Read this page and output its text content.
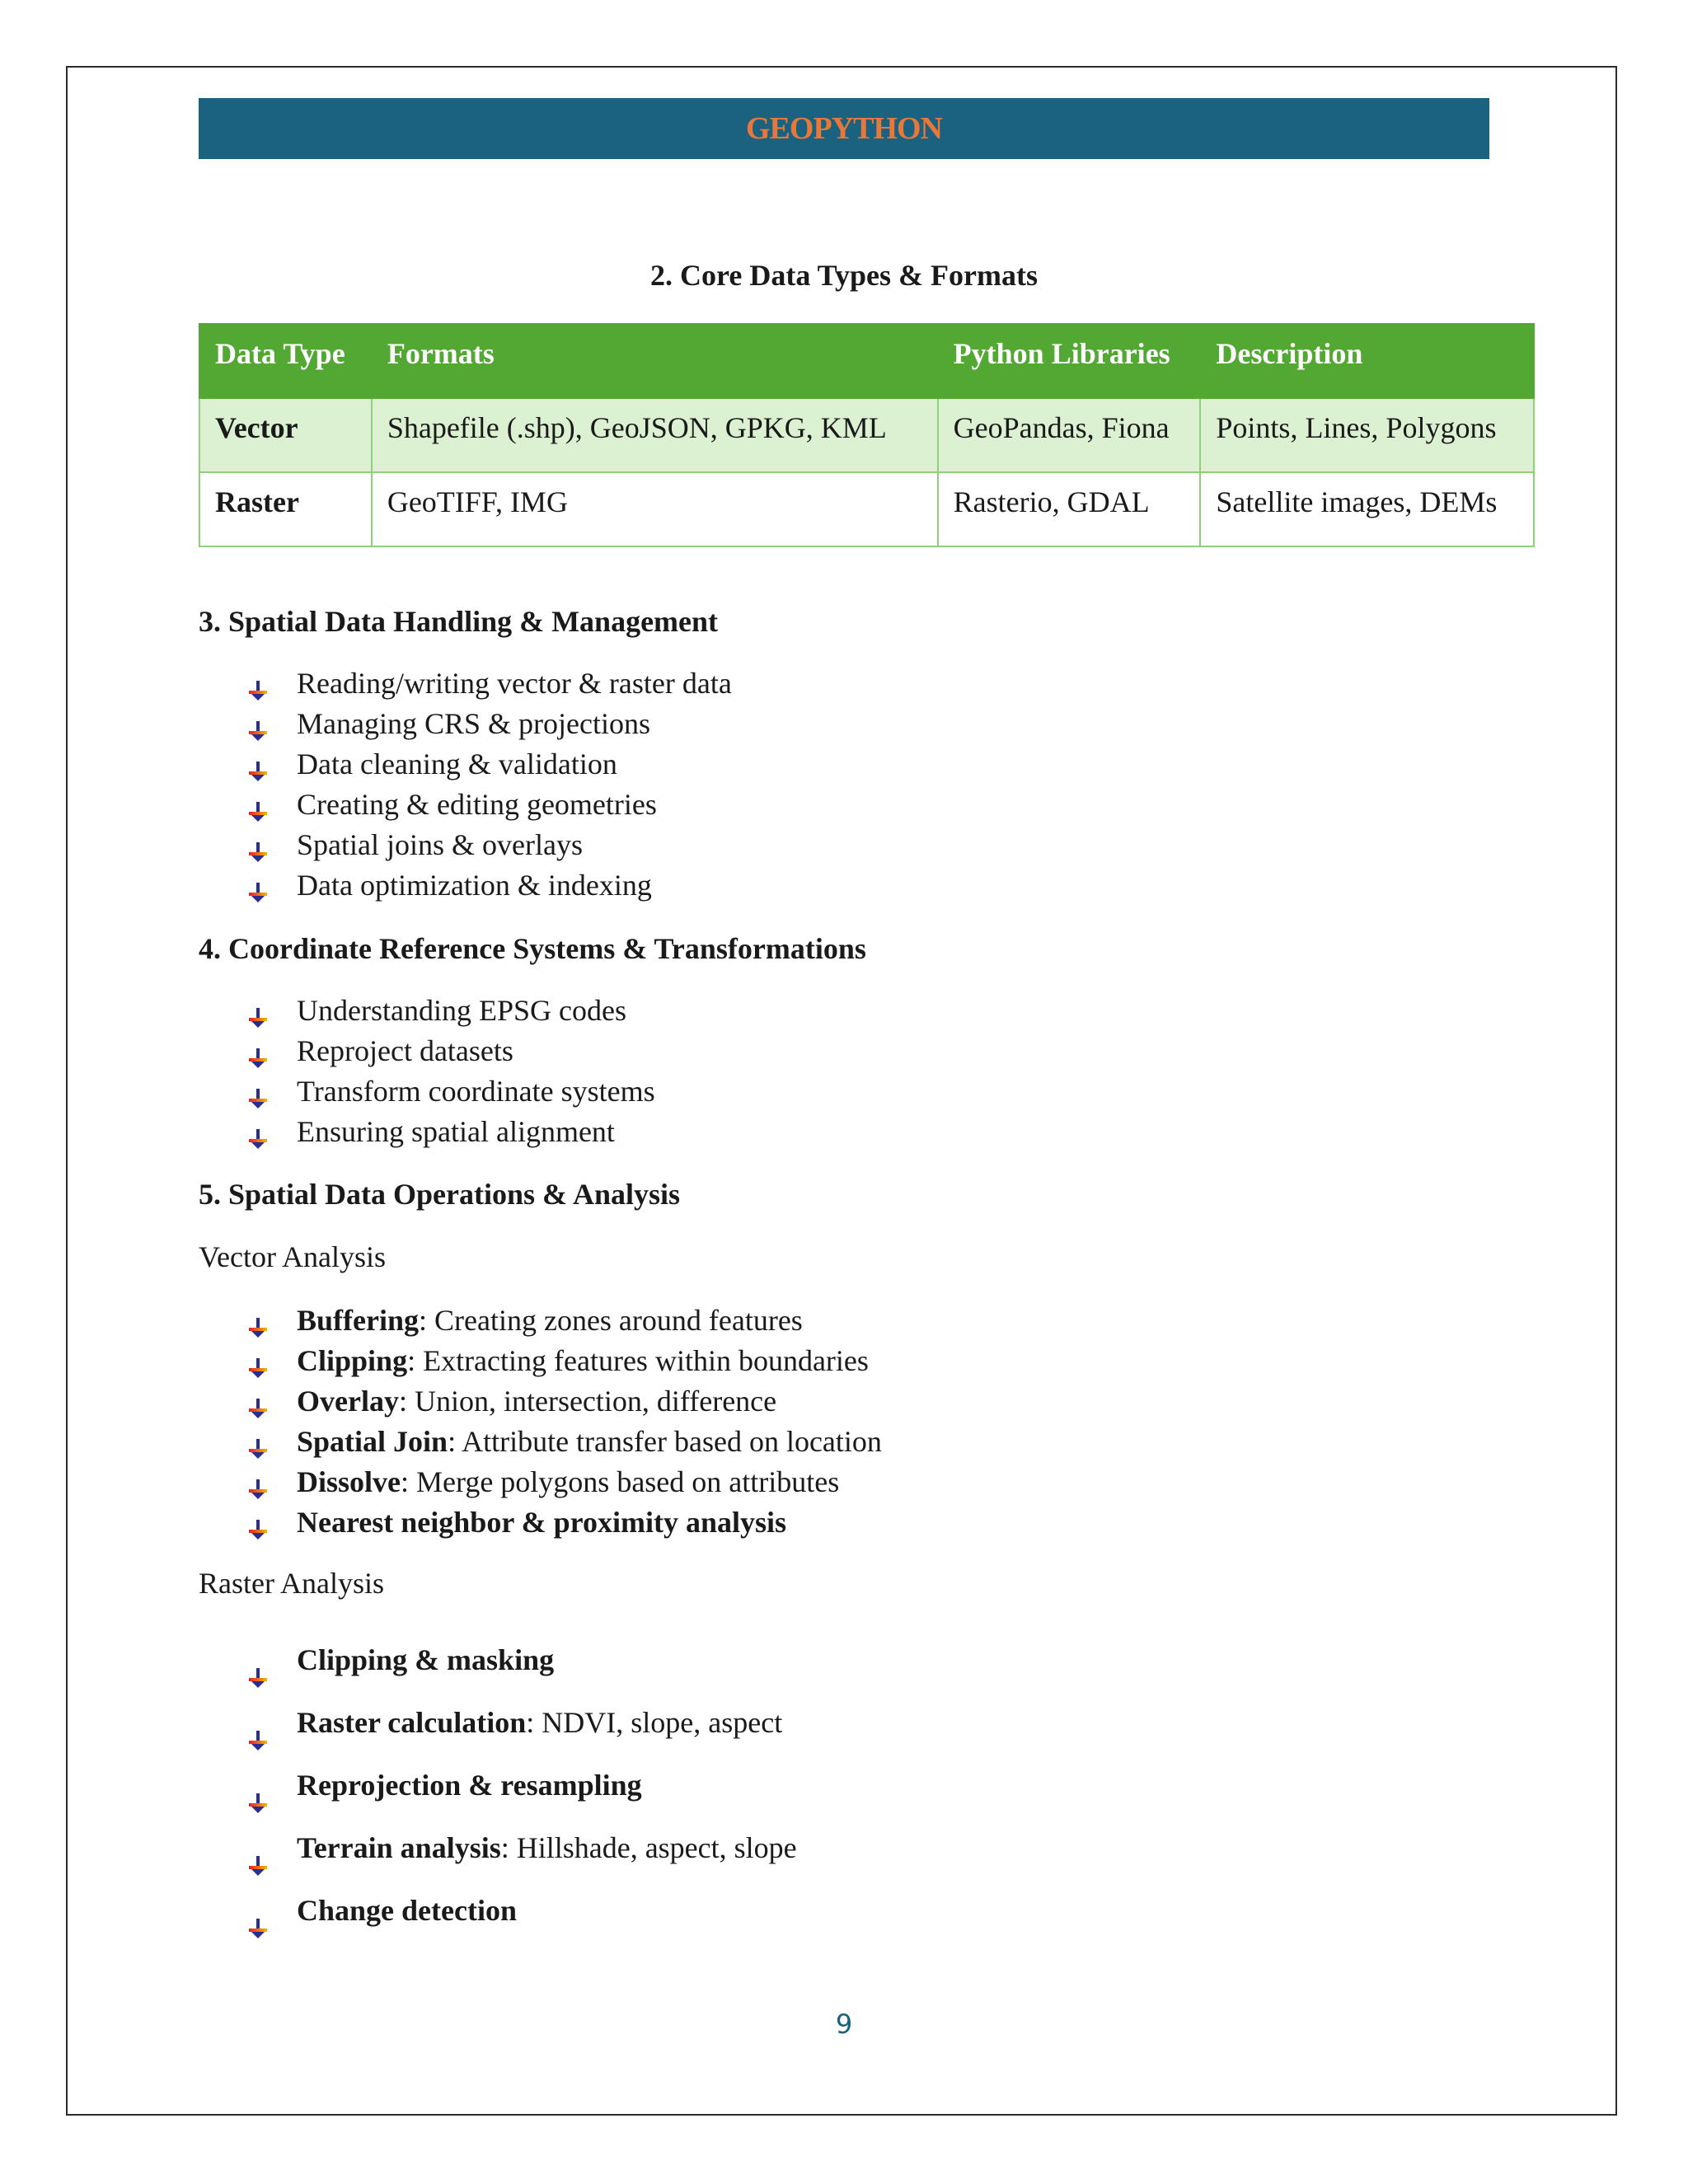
GEOPYTHON
2. Core Data Types & Formats
Data Type	Formats	Python Libraries	Description
Vector	Shapefile (.shp), GeoJSON, GPKG, KML	GeoPandas, Fiona	Points, Lines, Polygons
Raster	GeoTIFF, IMG	Rasterio, GDAL	Satellite images, DEMs
3. Spatial Data Handling & Management
Reading/writing vector & raster data
Managing CRS & projections
Data cleaning & validation
Creating & editing geometries
Spatial joins & overlays
Data optimization & indexing
4. Coordinate Reference Systems & Transformations
Understanding EPSG codes
Reproject datasets
Transform coordinate systems
Ensuring spatial alignment
5. Spatial Data Operations & Analysis
Vector Analysis
Buffering: Creating zones around features
Clipping: Extracting features within boundaries
Overlay: Union, intersection, difference
Spatial Join: Attribute transfer based on location
Dissolve: Merge polygons based on attributes
Nearest neighbor & proximity analysis
Raster Analysis
Clipping & masking
Raster calculation: NDVI, slope, aspect
Reprojection & resampling
Terrain analysis: Hillshade, aspect, slope
Change detection
9
